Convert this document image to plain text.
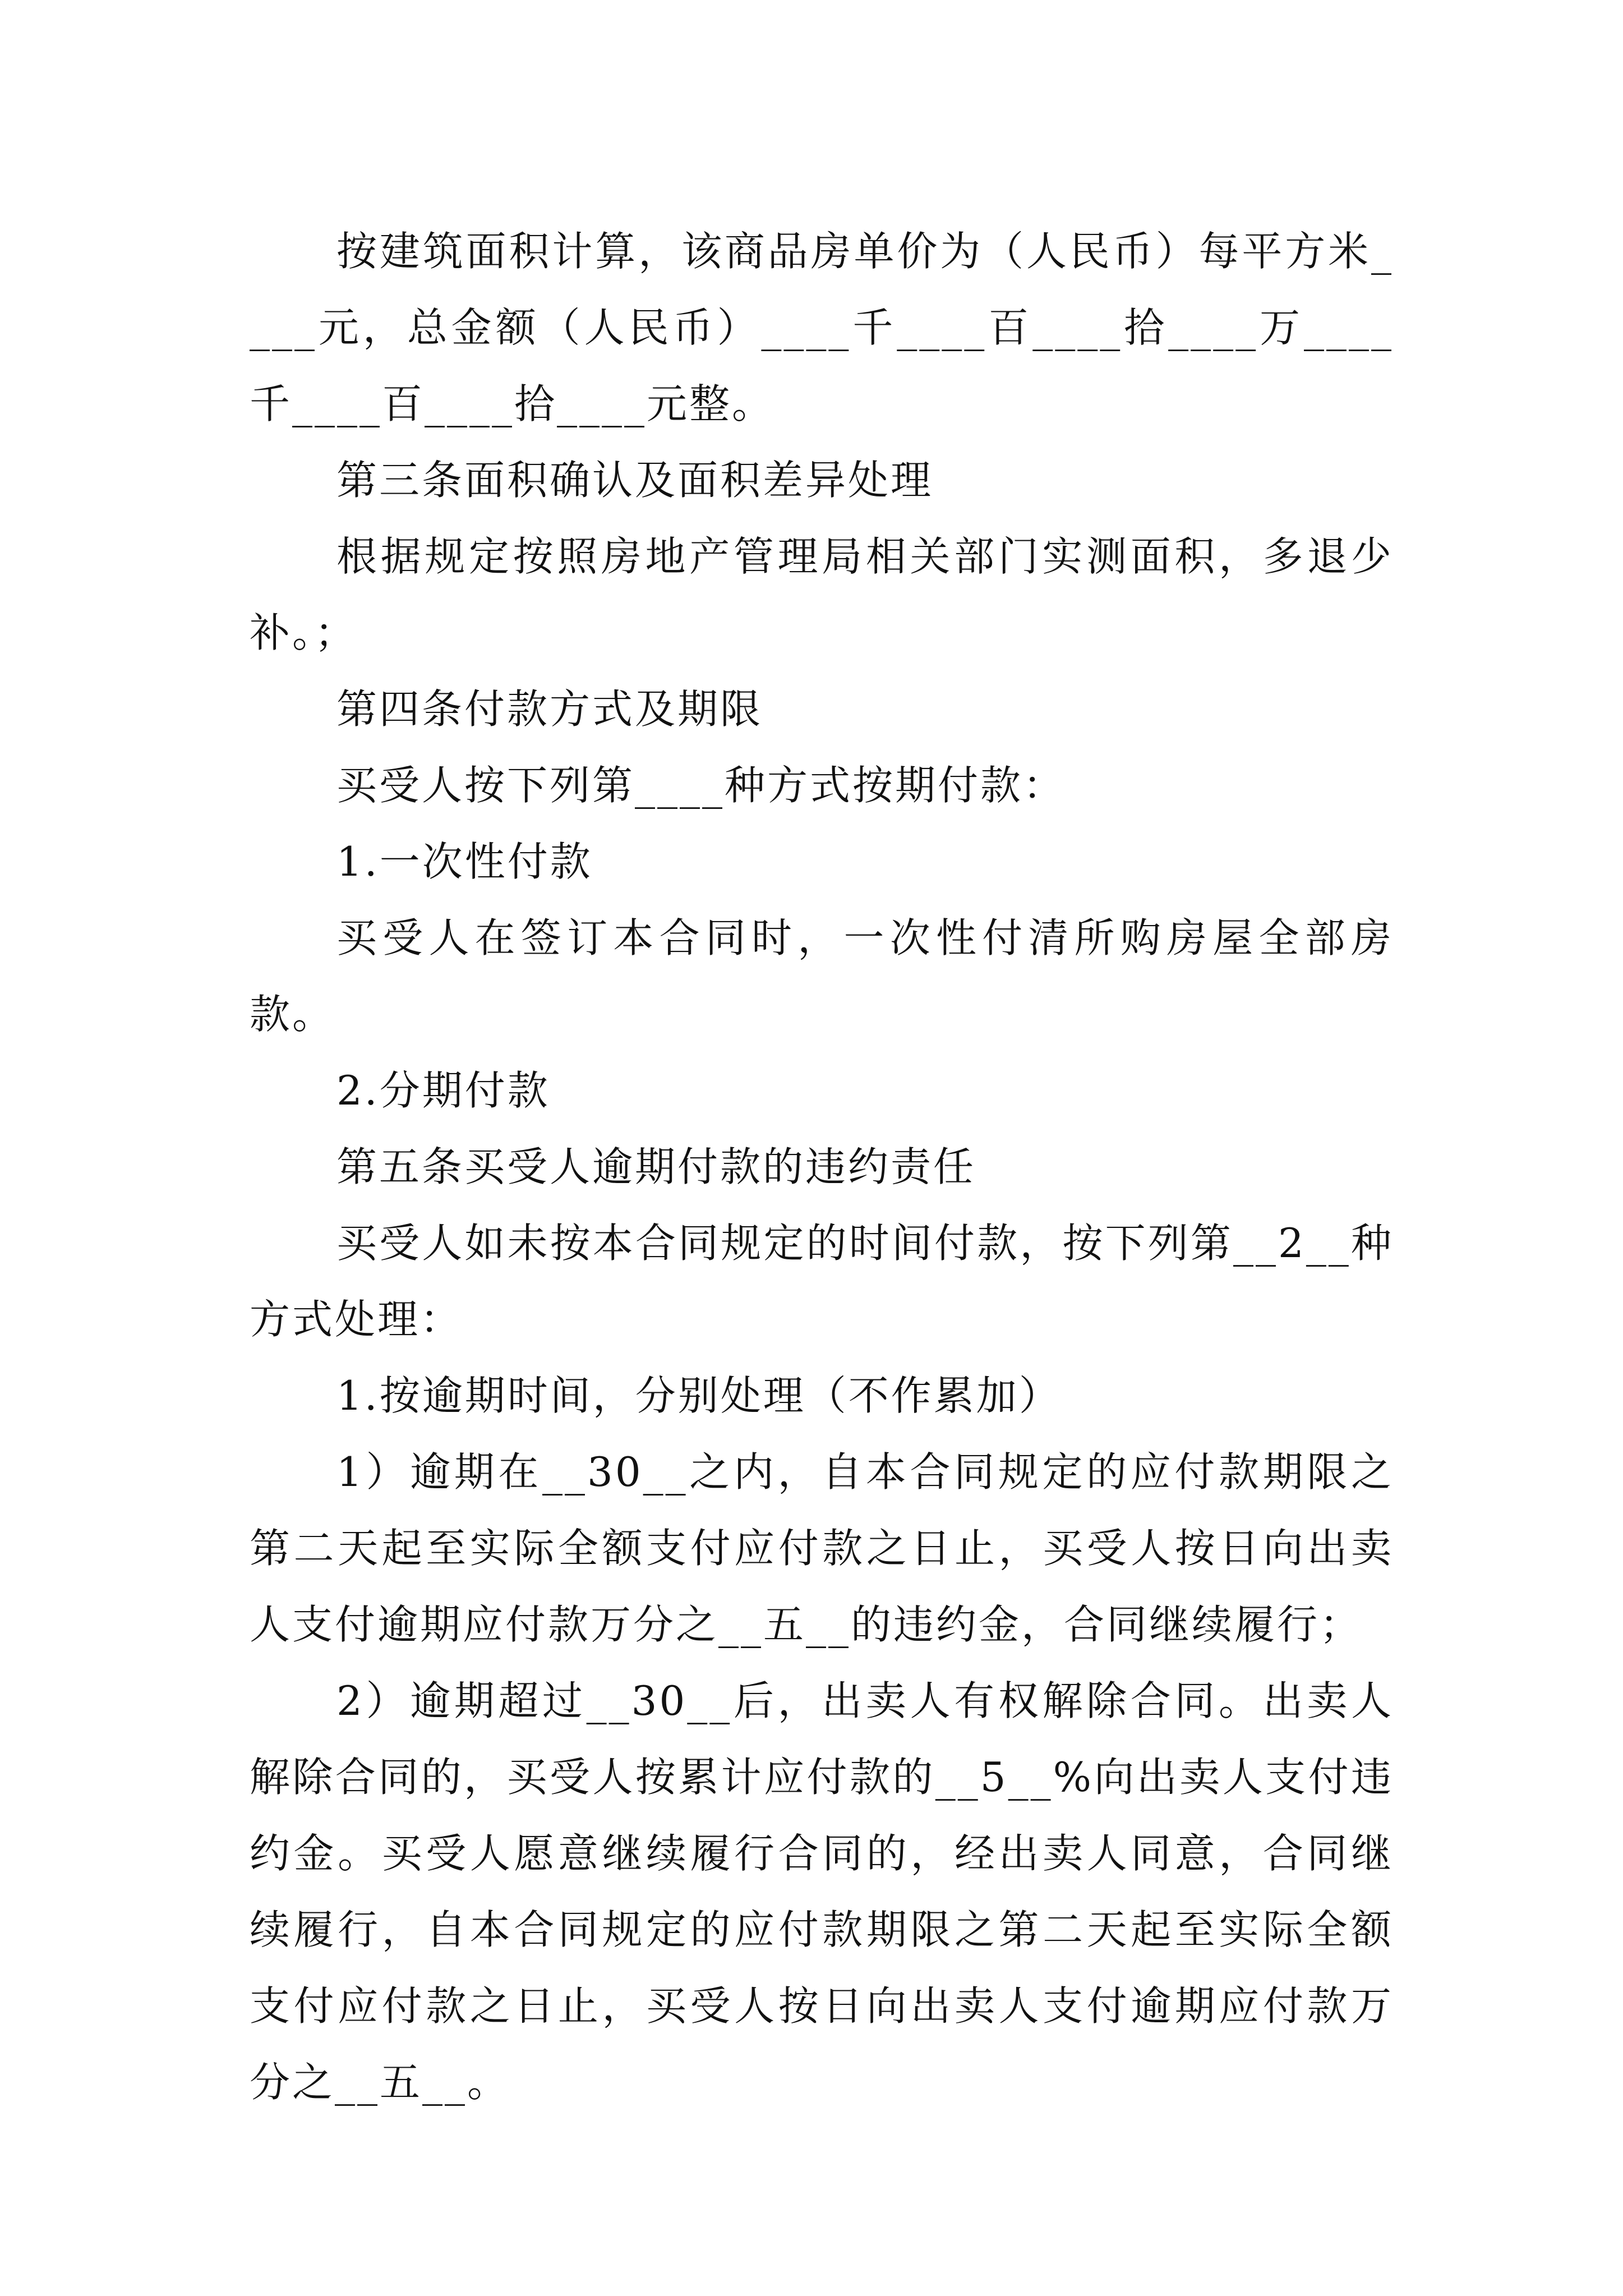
按建筑面积计算，该商品房单价为（人民币）每平方米____元，总金额（人民币）____千____百____拾____万____千____百____拾____元整。

第三条面积确认及面积差异处理

根据规定按照房地产管理局相关部门实测面积，多退少补。；

第四条付款方式及期限

买受人按下列第____种方式按期付款：

1.一次性付款

买受人在签订本合同时，一次性付清所购房屋全部房款。

2.分期付款

第五条买受人逾期付款的违约责任

买受人如未按本合同规定的时间付款，按下列第__2__种方式处理：

1.按逾期时间，分别处理（不作累加）

1）逾期在__30__之内，自本合同规定的应付款期限之第二天起至实际全额支付应付款之日止，买受人按日向出卖人支付逾期应付款万分之__五__的违约金，合同继续履行；

2）逾期超过__30__后，出卖人有权解除合同。出卖人解除合同的，买受人按累计应付款的__5__%向出卖人支付违约金。买受人愿意继续履行合同的，经出卖人同意，合同继续履行，自本合同规定的应付款期限之第二天起至实际全额支付应付款之日止，买受人按日向出卖人支付逾期应付款万分之__五__。
